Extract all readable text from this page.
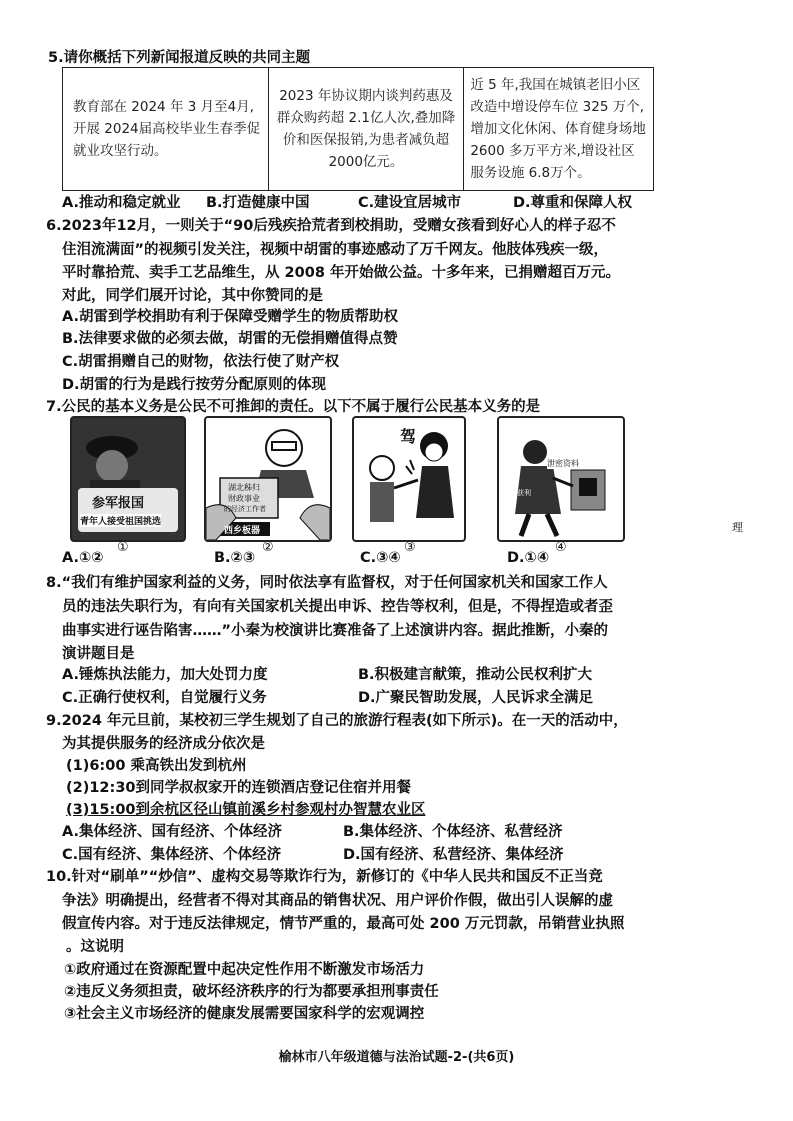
5.请你概括下列新闻报道反映的共同主题
教育部在 2024 年 3 月至4月,开展 2024届高校毕业生春季促就业攻坚行动。	2023 年协议期内谈判药惠及群众购药超 2.1亿人次,叠加降价和医保报销,为患者减负超 2000亿元。	近 5 年,我国在城镇老旧小区改造中增设停车位 325 万个,增加文化休闲、体育健身场地 2600 多万平方米,增设社区服务设施 6.8万个。
A.推动和稳定就业 B.打造健康中国	C.建设宜居城市	D.尊重和保障人权
6.2023年12月，一则关于“90后残疾拾荒者到校捐助，受赠女孩看到好心人的样子忍不
住泪流满面”的视频引发关注，视频中胡雷的事迹感动了万千网友。他肢体残疾一级，
平时靠拾荒、卖手工艺品维生，从 2008 年开始做公益。十多年来，已捐赠超百万元。
对此，同学们展开讨论，其中你赞同的是
A.胡雷到学校捐助有利于保障受赠学生的物质帮助权
B.法律要求做的必须去做，胡雷的无偿捐赠值得点赞
C.胡雷捐赠自己的财物，依法行使了财产权
D.胡雷的行为是践行按劳分配原则的体现
7.公民的基本义务是公民不可推卸的责任。以下不属于履行公民基本义务的是
参军报国
青年人接受祖国挑选
①
湖北秭归
财政事业
的经济工作者
西乡板器
②
驾
③
泄密资料
非法获利
④
A.①②	B.②③	C.③④	D.①④
理
8.“我们有维护国家利益的义务，同时依法享有监督权，对于任何国家机关和国家工作人
员的违法失职行为，有向有关国家机关提出申诉、控告等权利，但是，不得捏造或者歪
曲事实进行诬告陷害……”小秦为校演讲比赛准备了上述演讲内容。据此推断，小秦的
演讲题目是
A.锤炼执法能力，加大处罚力度	B.积极建言献策，推动公民权利扩大
C.正确行使权利，自觉履行义务	D.广聚民智助发展，人民诉求全满足
9.2024 年元旦前，某校初三学生规划了自己的旅游行程表(如下所示)。在一天的活动中，
为其提供服务的经济成分依次是
(1)6:00 乘高铁出发到杭州
(2)12:30到同学叔叔家开的连锁酒店登记住宿并用餐
(3)15:00到余杭区径山镇前溪乡村参观村办智慧农业区
A.集体经济、国有经济、个体经济	B.集体经济、个体经济、私营经济
C.国有经济、集体经济、个体经济	D.国有经济、私营经济、集体经济
10.针对“刷单”“炒信”、虚构交易等欺诈行为，新修订的《中华人民共和国反不正当竞
争法》明确提出，经营者不得对其商品的销售状况、用户评价作假，做出引人误解的虚
假宣传内容。对于违反法律规定，情节严重的，最高可处 200 万元罚款，吊销营业执照
。这说明
①政府通过在资源配置中起决定性作用不断激发市场活力
②违反义务须担责，破坏经济秩序的行为都要承担刑事责任
③社会主义市场经济的健康发展需要国家科学的宏观调控
榆林市八年级道德与法治试题-2-(共6页)
